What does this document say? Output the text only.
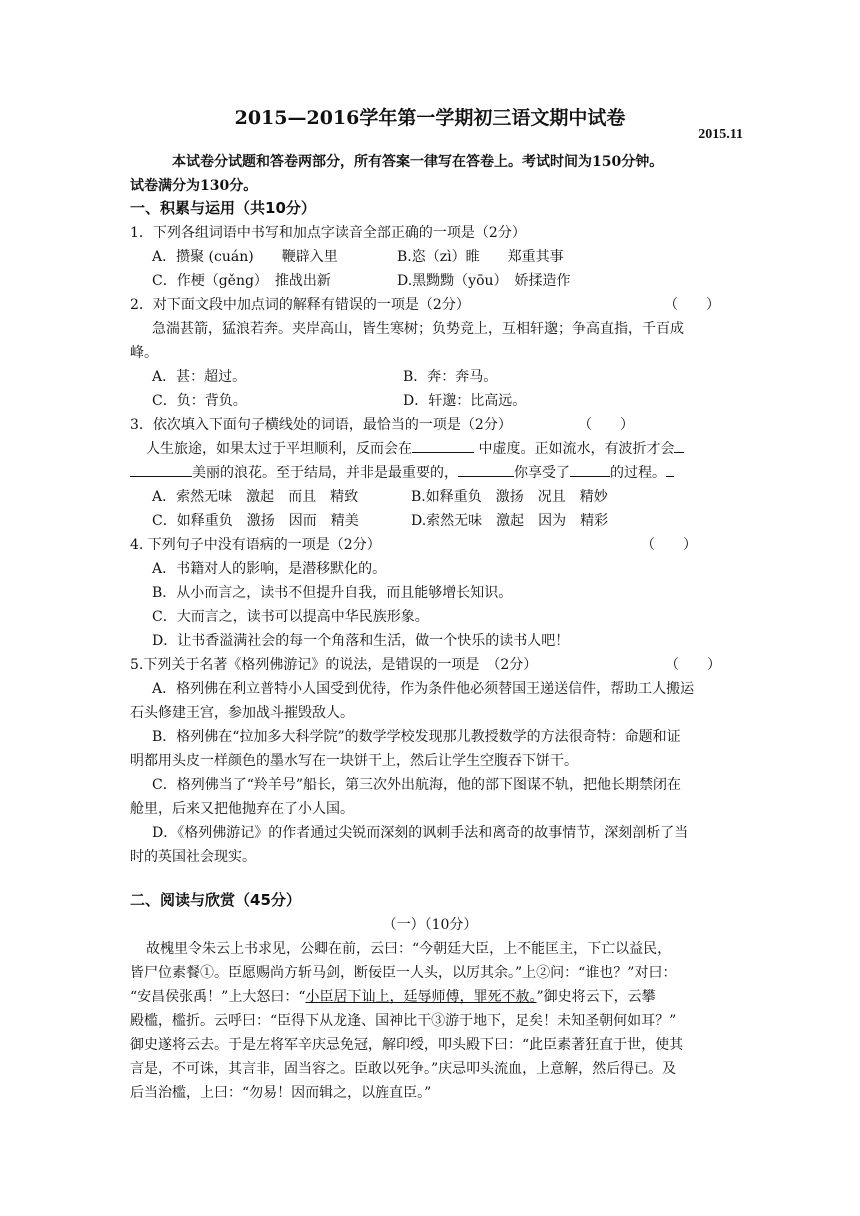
2015—2016学年第一学期初三语文期中试卷
2015.11
本试卷分试题和答卷两部分，所有答案一律写在答卷上。考试时间为150分钟。
试卷满分为130分。
一、积累与运用（共10分）
1．下列各组词语中书写和加点字读音全部正确的一项是（2分）
A．攒聚 (cuán)　　鞭辟入里	B.恣（zì）睢　　郑重其事
C．作梗（gěng）　推战出新	D.黑黝黝（yōu）　娇揉造作
2．对下面文段中加点词的解释有错误的一项是（2分）	（　　）
急湍甚箭，猛浪若奔。夹岸高山，皆生寒树；负势竞上，互相轩邈；争高直指，千百成
峰。
A．甚：超过。	B．奔：奔马。
C．负：背负。	D．轩邈：比高远。
3．依次填入下面句子横线处的词语，最恰当的一项是（2分）	（　　）
人生旅途，如果太过于平坦顺利，反而会在	中虚度。正如流水，有波折才会
美丽的浪花。至于结局，并非是最重要的，	你享受了	的过程。
A．索然无味　激起　而且　精致	B.如释重负　激扬　况且　精妙
C．如释重负　激扬　因而　精美	D.索然无味　激起　因为　精彩
4. 下列句子中没有语病的一项是（2分）	（　　）
A．书籍对人的影响，是潜移默化的。
B．从小而言之，读书不但提升自我，而且能够增长知识。
C．大而言之，读书可以提高中华民族形象。
D．让书香溢满社会的每一个角落和生活，做一个快乐的读书人吧！
5.下列关于名著《格列佛游记》的说法，是错误的一项是　（2分）	（　　）
A．格列佛在利立普特小人国受到优待，作为条件他必须替国王递送信件，帮助工人搬运
石头修建王宫，参加战斗摧毁敌人。
B．格列佛在“拉加多大科学院”的数学学校发现那儿教授数学的方法很奇特：命题和证
明都用头皮一样颜色的墨水写在一块饼干上，然后让学生空腹吞下饼干。
C．格列佛当了“羚羊号”船长，第三次外出航海，他的部下图谋不轨，把他长期禁闭在
舱里，后来又把他抛弃在了小人国。
D．《格列佛游记》的作者通过尖锐而深刻的讽刺手法和离奇的故事情节，深刻剖析了当
时的英国社会现实。
二、阅读与欣赏（45分）
（一）（10分）
故槐里令朱云上书求见，公卿在前，云曰：“今朝廷大臣，上不能匡主，下亡以益民，
皆尸位素餐①。臣愿赐尚方斩马剑，断佞臣一人头，以厉其余。”上②问：“谁也？”对曰：
“安昌侯张禹！”上大怒曰：“小臣居下讪上，廷辱师傅，罪死不赦。”御史将云下，云攀
殿槛，槛折。云呼曰：“臣得下从龙逢、国神比干③游于地下，足矣！未知圣朝何如耳？”
御史遂将云去。于是左将军辛庆忌免冠，解印绶，叩头殿下曰：“此臣素著狂直于世，使其
言是，不可诛，其言非，固当容之。臣敢以死争。”庆忌叩头流血，上意解，然后得已。及
后当治槛，上曰：“勿易！因而辑之，以旌直臣。”
